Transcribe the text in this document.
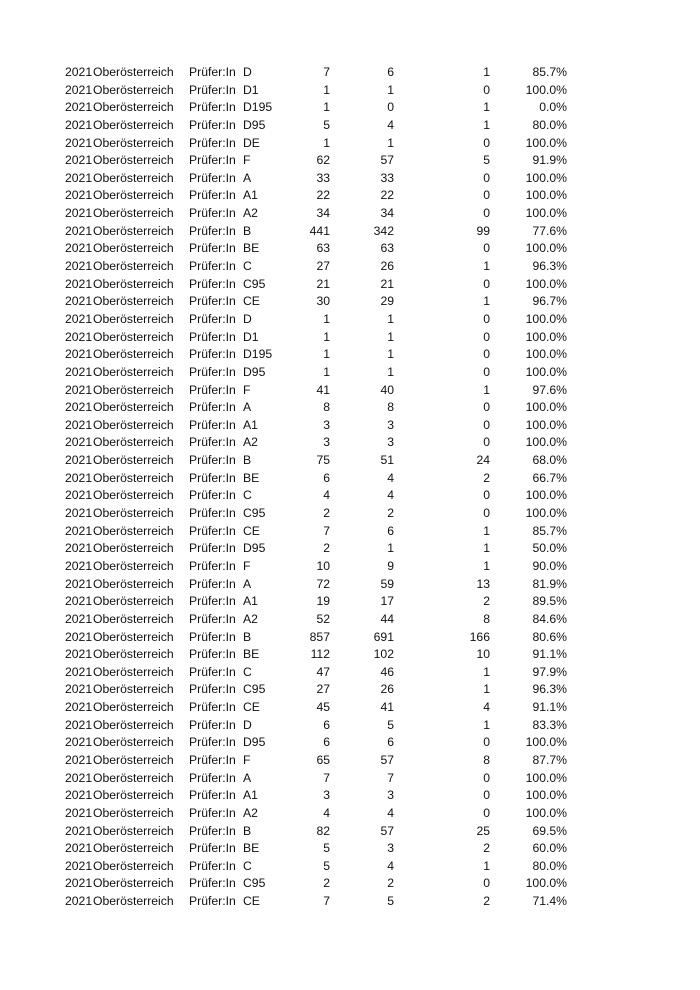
2021 Oberösterreich Prüfer:In D	7	6	1	85.7%
2021 Oberösterreich Prüfer:In D1	1	1	0	100.0%
2021 Oberösterreich Prüfer:In D195	1	0	1	0.0%
2021 Oberösterreich Prüfer:In D95	5	4	1	80.0%
2021 Oberösterreich Prüfer:In DE	1	1	0	100.0%
2021 Oberösterreich Prüfer:In F	62	57	5	91.9%
2021 Oberösterreich Prüfer:In A	33	33	0	100.0%
2021 Oberösterreich Prüfer:In A1	22	22	0	100.0%
2021 Oberösterreich Prüfer:In A2	34	34	0	100.0%
2021 Oberösterreich Prüfer:In B	441	342	99	77.6%
2021 Oberösterreich Prüfer:In BE	63	63	0	100.0%
2021 Oberösterreich Prüfer:In C	27	26	1	96.3%
2021 Oberösterreich Prüfer:In C95	21	21	0	100.0%
2021 Oberösterreich Prüfer:In CE	30	29	1	96.7%
2021 Oberösterreich Prüfer:In D	1	1	0	100.0%
2021 Oberösterreich Prüfer:In D1	1	1	0	100.0%
2021 Oberösterreich Prüfer:In D195	1	1	0	100.0%
2021 Oberösterreich Prüfer:In D95	1	1	0	100.0%
2021 Oberösterreich Prüfer:In F	41	40	1	97.6%
2021 Oberösterreich Prüfer:In A	8	8	0	100.0%
2021 Oberösterreich Prüfer:In A1	3	3	0	100.0%
2021 Oberösterreich Prüfer:In A2	3	3	0	100.0%
2021 Oberösterreich Prüfer:In B	75	51	24	68.0%
2021 Oberösterreich Prüfer:In BE	6	4	2	66.7%
2021 Oberösterreich Prüfer:In C	4	4	0	100.0%
2021 Oberösterreich Prüfer:In C95	2	2	0	100.0%
2021 Oberösterreich Prüfer:In CE	7	6	1	85.7%
2021 Oberösterreich Prüfer:In D95	2	1	1	50.0%
2021 Oberösterreich Prüfer:In F	10	9	1	90.0%
2021 Oberösterreich Prüfer:In A	72	59	13	81.9%
2021 Oberösterreich Prüfer:In A1	19	17	2	89.5%
2021 Oberösterreich Prüfer:In A2	52	44	8	84.6%
2021 Oberösterreich Prüfer:In B	857	691	166	80.6%
2021 Oberösterreich Prüfer:In BE	112	102	10	91.1%
2021 Oberösterreich Prüfer:In C	47	46	1	97.9%
2021 Oberösterreich Prüfer:In C95	27	26	1	96.3%
2021 Oberösterreich Prüfer:In CE	45	41	4	91.1%
2021 Oberösterreich Prüfer:In D	6	5	1	83.3%
2021 Oberösterreich Prüfer:In D95	6	6	0	100.0%
2021 Oberösterreich Prüfer:In F	65	57	8	87.7%
2021 Oberösterreich Prüfer:In A	7	7	0	100.0%
2021 Oberösterreich Prüfer:In A1	3	3	0	100.0%
2021 Oberösterreich Prüfer:In A2	4	4	0	100.0%
2021 Oberösterreich Prüfer:In B	82	57	25	69.5%
2021 Oberösterreich Prüfer:In BE	5	3	2	60.0%
2021 Oberösterreich Prüfer:In C	5	4	1	80.0%
2021 Oberösterreich Prüfer:In C95	2	2	0	100.0%
2021 Oberösterreich Prüfer:In CE	7	5	2	71.4%
